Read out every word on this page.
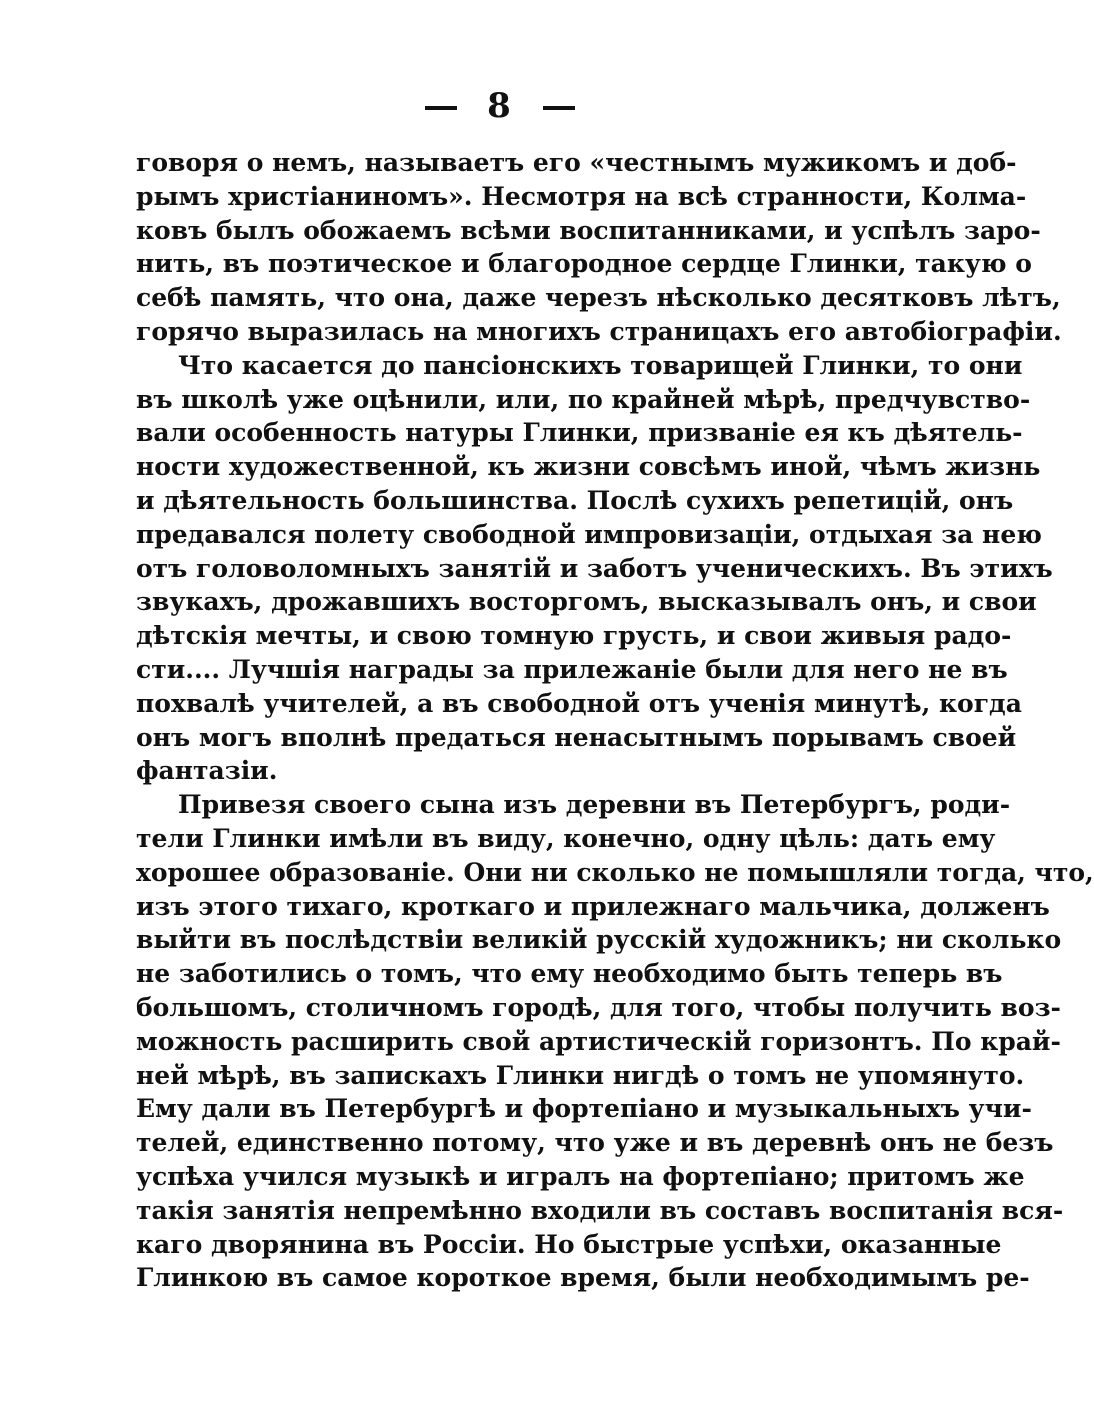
8
говоря о немъ, называетъ его «честнымъ мужикомъ и доб-
рымъ христіаниномъ». Несмотря на всѣ странности, Колма-
ковъ былъ обожаемъ всѣми воспитанниками, и успѣлъ заро-
нить, въ поэтическое и благородное сердце Глинки, такую о
себѣ память, что она, даже черезъ нѣсколько десятковъ лѣтъ,
горячо выразилась на многихъ страницахъ его автобіографіи.
Что касается до пансіонскихъ товарищей Глинки, то они
въ школѣ уже оцѣнили, или, по крайней мѣрѣ, предчувство-
вали особенность натуры Глинки, призваніе ея къ дѣятель-
ности художественной, къ жизни совсѣмъ иной, чѣмъ жизнь
и дѣятельность большинства. Послѣ сухихъ репетицій, онъ
предавался полету свободной импровизаціи, отдыхая за нею
отъ головоломныхъ занятій и заботъ ученическихъ. Въ этихъ
звукахъ, дрожавшихъ восторгомъ, высказывалъ онъ, и свои
дѣтскія мечты, и свою томную грусть, и свои живыя радо-
сти.... Лучшія награды за прилежаніе были для него не въ
похвалѣ учителей, а въ свободной отъ ученія минутѣ, когда
онъ могъ вполнѣ предаться ненасытнымъ порывамъ своей
фантазіи.
Привезя своего сына изъ деревни въ Петербургъ, роди-
тели Глинки имѣли въ виду, конечно, одну цѣль: дать ему
хорошее образованіе. Они ни сколько не помышляли тогда, что,
изъ этого тихаго, кроткаго и прилежнаго мальчика, долженъ
выйти въ послѣдствіи великій русскій художникъ; ни сколько
не заботились о томъ, что ему необходимо быть теперь въ
большомъ, столичномъ городѣ, для того, чтобы получить воз-
можность расширить свой артистическій горизонтъ. По край-
ней мѣрѣ, въ запискахъ Глинки нигдѣ о томъ не упомянуто.
Ему дали въ Петербургѣ и фортепіано и музыкальныхъ учи-
телей, единственно потому, что уже и въ деревнѣ онъ не безъ
успѣха учился музыкѣ и игралъ на фортепіано; притомъ же
такія занятія непремѣнно входили въ составъ воспитанія вся-
каго дворянина въ Россіи. Но быстрые успѣхи, оказанные
Глинкою въ самое короткое время, были необходимымъ ре-
